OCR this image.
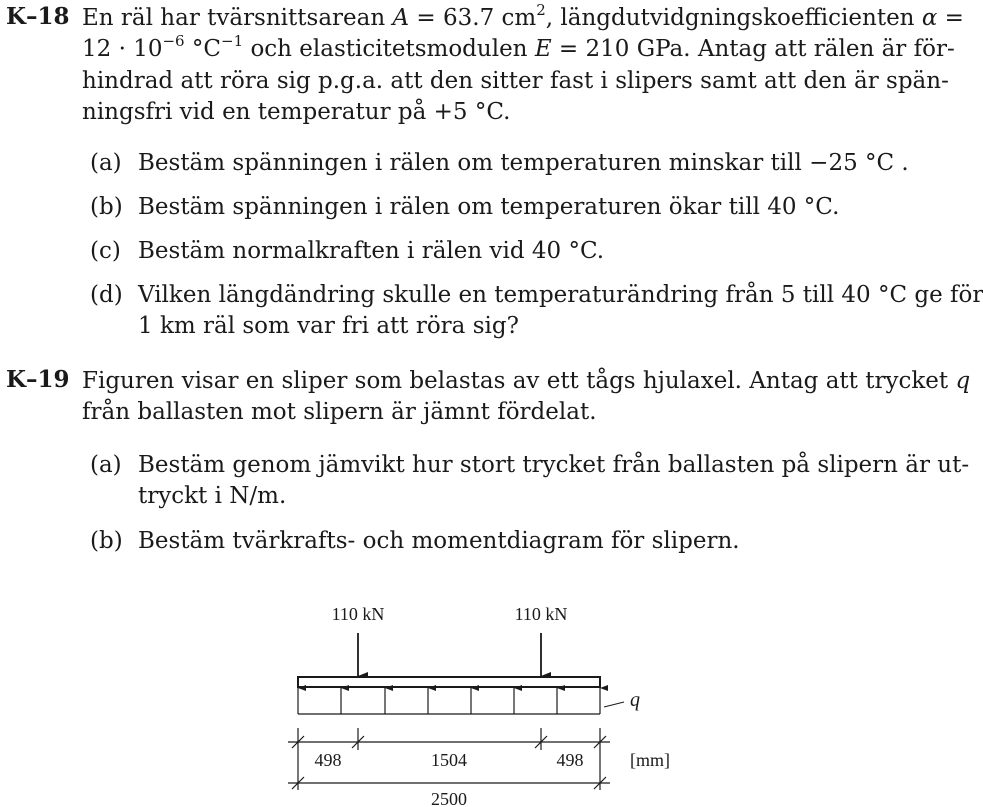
K–18 En räl har tvärsnittsarean A = 63.7 $cm^2$, längdutvidgningskoefficienten α =
$12 \cdot 10^{-6}$ $^\circ C^{-1}$ och elasticitetsmodulen E = 210 GPa. Antag att rälen är för-
hindrad att röra sig p.g.a. att den sitter fast i slipers samt att den är spän-
ningsfri vid en temperatur på +5 °C.
(a) Bestäm spänningen i rälen om temperaturen minskar till −25 °C .
(b) Bestäm spänningen i rälen om temperaturen ökar till 40 °C.
(c) Bestäm normalkraften i rälen vid 40 °C.
(d) Vilken längdändring skulle en temperaturändring från 5 till 40 °C ge för
1 km räl som var fri att röra sig?
K–19 Figuren visar en sliper som belastas av ett tågs hjulaxel. Antag att trycket q
från ballasten mot slipern är jämnt fördelat.
(a) Bestäm genom jämvikt hur stort trycket från ballasten på slipern är ut-
tryckt i N/m.
(b) Bestäm tvärkrafts- och momentdiagram för slipern.
110 kN	110 kN
q
498	1504	498	[mm]
2500
